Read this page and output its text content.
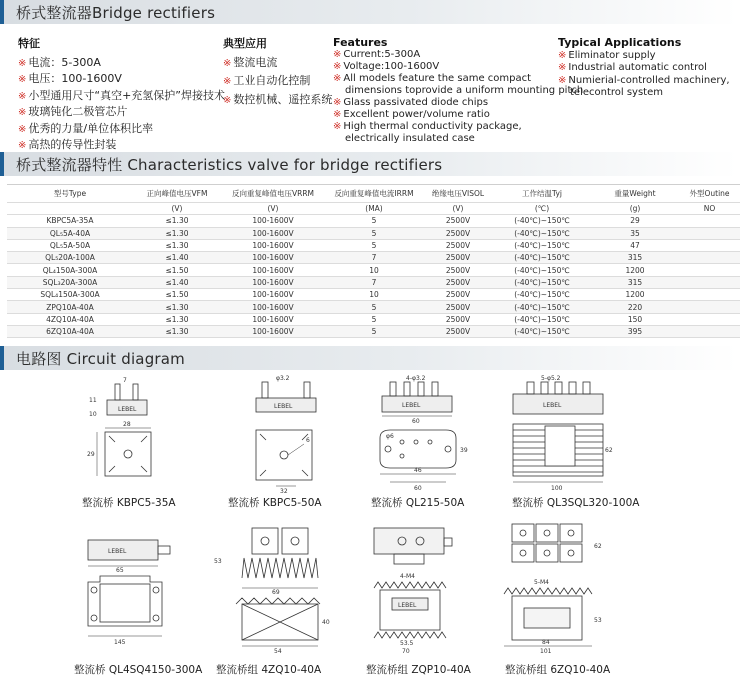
桥式整流器Bridge rectifiers
特征
※ 电流：5-300A
※ 电压：100-1600V
※ 小型通用尺寸“真空+充氢保护”焊接技术
※ 玻璃钝化二极管芯片
※ 优秀的力量/单位体积比率
※ 高热的传导性封装
典型应用
※ 整流电流
※ 工业自动化控制
※ 数控机械、遥控系统
Features
※ Current:5-300A
※ Voltage:100-1600V
※ All models feature the same compact
dimensions toprovide a uniform mounting pitch
※ Glass passivated diode chips
※ Excellent power/volume ratio
※ High thermal conductivity package,
electrically insulated case
Typical Applications
※ Eliminator supply
※ Industrial automatic control
※ Numierial-controlled machinery,
telecontrol system
桥式整流器特性 Characteristics valve for bridge rectifiers
型号Type	正向峰值电压VFM	反向重复峰值电压VRRM	反向重复峰值电流IRRM	绝缘电压VISOL	工作结温Tyj	重量Weight	外型Outine
	(V)	(V)	(MA)	(V)	(℃)	(g)	NO
KBPC5A-35A	≤1.30	100-1600V	5	2500V	(-40℃)~150℃	29	
QL₅5A-40A	≤1.30	100-1600V	5	2500V	(-40℃)~150℃	35	
QL₅5A-50A	≤1.30	100-1600V	5	2500V	(-40℃)~150℃	47	
QL₅20A-100A	≤1.40	100-1600V	7	2500V	(-40℃)~150℃	315	
QL₄150A-300A	≤1.50	100-1600V	10	2500V	(-40℃)~150℃	1200	
SQL₃20A-300A	≤1.40	100-1600V	7	2500V	(-40℃)~150℃	315	
SQL₄150A-300A	≤1.50	100-1600V	10	2500V	(-40℃)~150℃	1200	
ZPQ10A-40A	≤1.30	100-1600V	5	2500V	(-40℃)~150℃	220	
4ZQ10A-40A	≤1.30	100-1600V	5	2500V	(-40℃)~150℃	150	
6ZQ10A-40A	≤1.30	100-1600V	5	2500V	(-40℃)~150℃	395	
电路图 Circuit diagram
LEBEL
28
7
11
10
29
整流桥 KBPC5-35A
LEBEL
φ3.2
6
32
整流桥 KBPC5-50A
LEBEL
4-φ3.2
60
φ6
46
60
39
整流桥 QL215-50A
LEBEL
5-φ5.2
100
62
整流桥 QL3SQL320-100A
LEBEL
65
145
整流桥 QL4SQ4150-300A
53
69
54
40
整流桥组 4ZQ10-40A
4-M4
LEBEL
53.5
70
整流桥组 ZQP10-40A
5-M4
62
53
84
101
整流桥组 6ZQ10-40A
